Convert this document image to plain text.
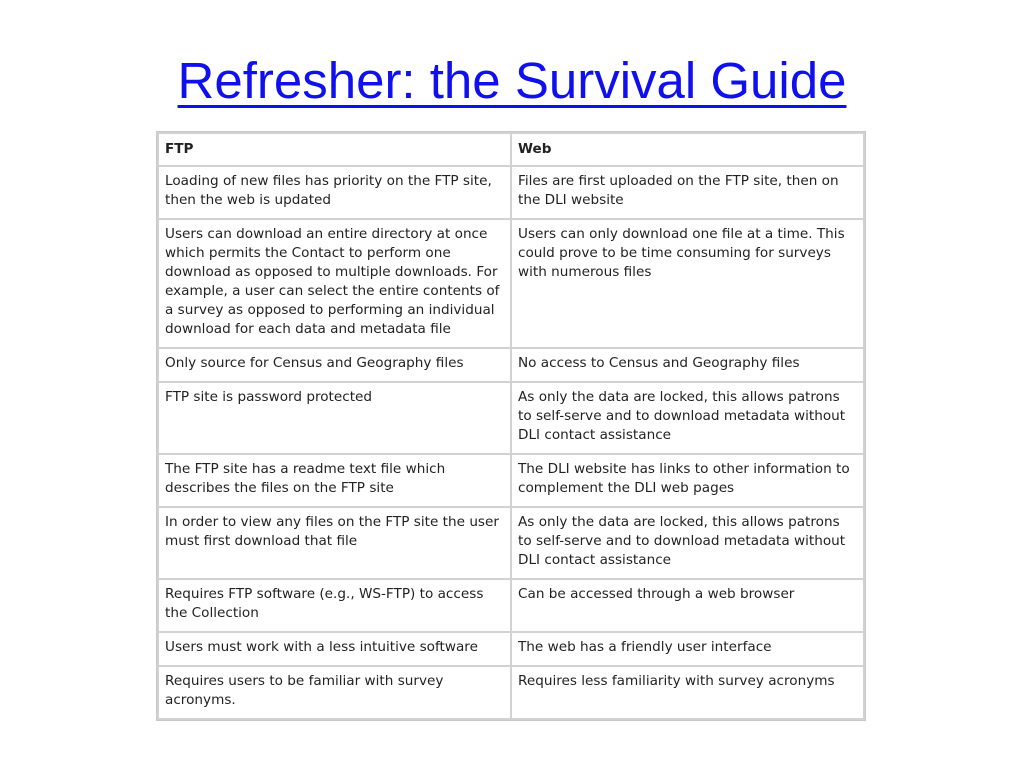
Refresher: the Survival Guide
FTP	Web
Loading of new files has priority on the FTP site, then the web is updated	Files are first uploaded on the FTP site, then on the DLI website
Users can download an entire directory at once which permits the Contact to perform one download as opposed to multiple downloads. For example, a user can select the entire contents of a survey as opposed to performing an individual download for each data and metadata file	Users can only download one file at a time. This could prove to be time consuming for surveys with numerous files
Only source for Census and Geography files	No access to Census and Geography files
FTP site is password protected	As only the data are locked, this allows patrons to self-serve and to download metadata without DLI contact assistance
The FTP site has a readme text file which describes the files on the FTP site	The DLI website has links to other information to complement the DLI web pages
In order to view any files on the FTP site the user must first download that file	As only the data are locked, this allows patrons to self-serve and to download metadata without DLI contact assistance
Requires FTP software (e.g., WS-FTP) to access the Collection	Can be accessed through a web browser
Users must work with a less intuitive software	The web has a friendly user interface
Requires users to be familiar with survey acronyms.	Requires less familiarity with survey acronyms
